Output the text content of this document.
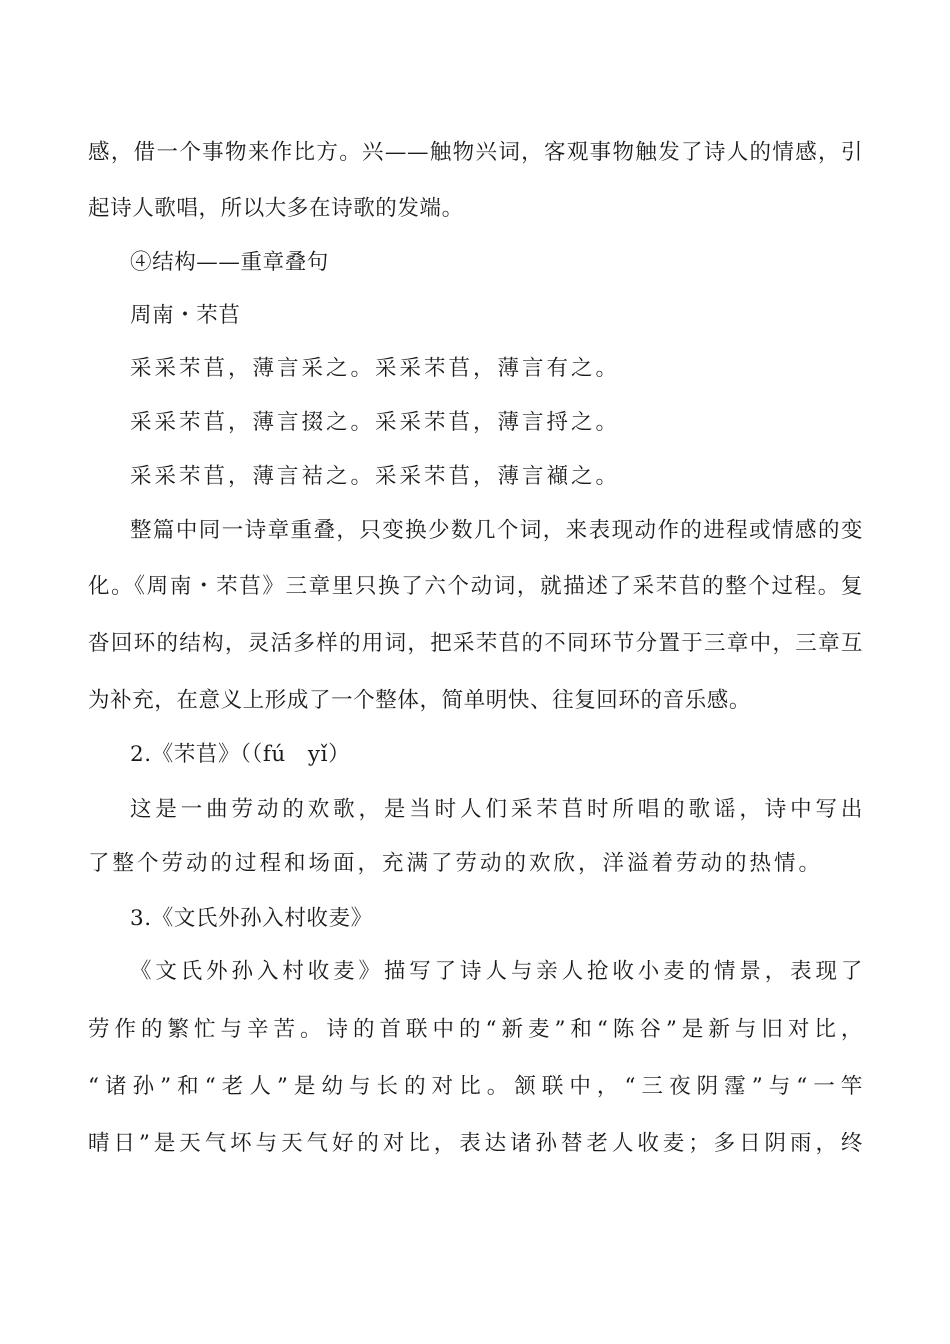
感，借一个事物来作比方。兴——触物兴词，客观事物触发了诗人的情感，引
起诗人歌唱，所以大多在诗歌的发端。
④结构——重章叠句
周南・芣苢
采采芣苢，薄言采之。采采芣苢，薄言有之。
采采芣苢，薄言掇之。采采芣苢，薄言捋之。
采采芣苢，薄言袺之。采采芣苢，薄言襭之。
整篇中同一诗章重叠，只变换少数几个词，来表现动作的进程或情感的变
化。《周南・芣苢》三章里只换了六个动词，就描述了采芣苢的整个过程。复
沓回环的结构，灵活多样的用词，把采芣苢的不同环节分置于三章中，三章互
为补充，在意义上形成了一个整体，简单明快、往复回环的音乐感。
2.《芣苢》（（fú　yǐ）
这是一曲劳动的欢歌，是当时人们采芣苢时所唱的歌谣，诗中写出
了整个劳动的过程和场面，充满了劳动的欢欣，洋溢着劳动的热情。
3.《文氏外孙入村收麦》
《文氏外孙入村收麦》描写了诗人与亲人抢收小麦的情景，表现了
劳作的繁忙与辛苦。诗的首联中的“新麦”和“陈谷”是新与旧对比，
“诸孙”和“老人”是幼与长的对比。颔联中，“三夜阴霪”与“一竿
晴日”是天气坏与天气好的对比，表达诸孙替老人收麦；多日阴雨，终
